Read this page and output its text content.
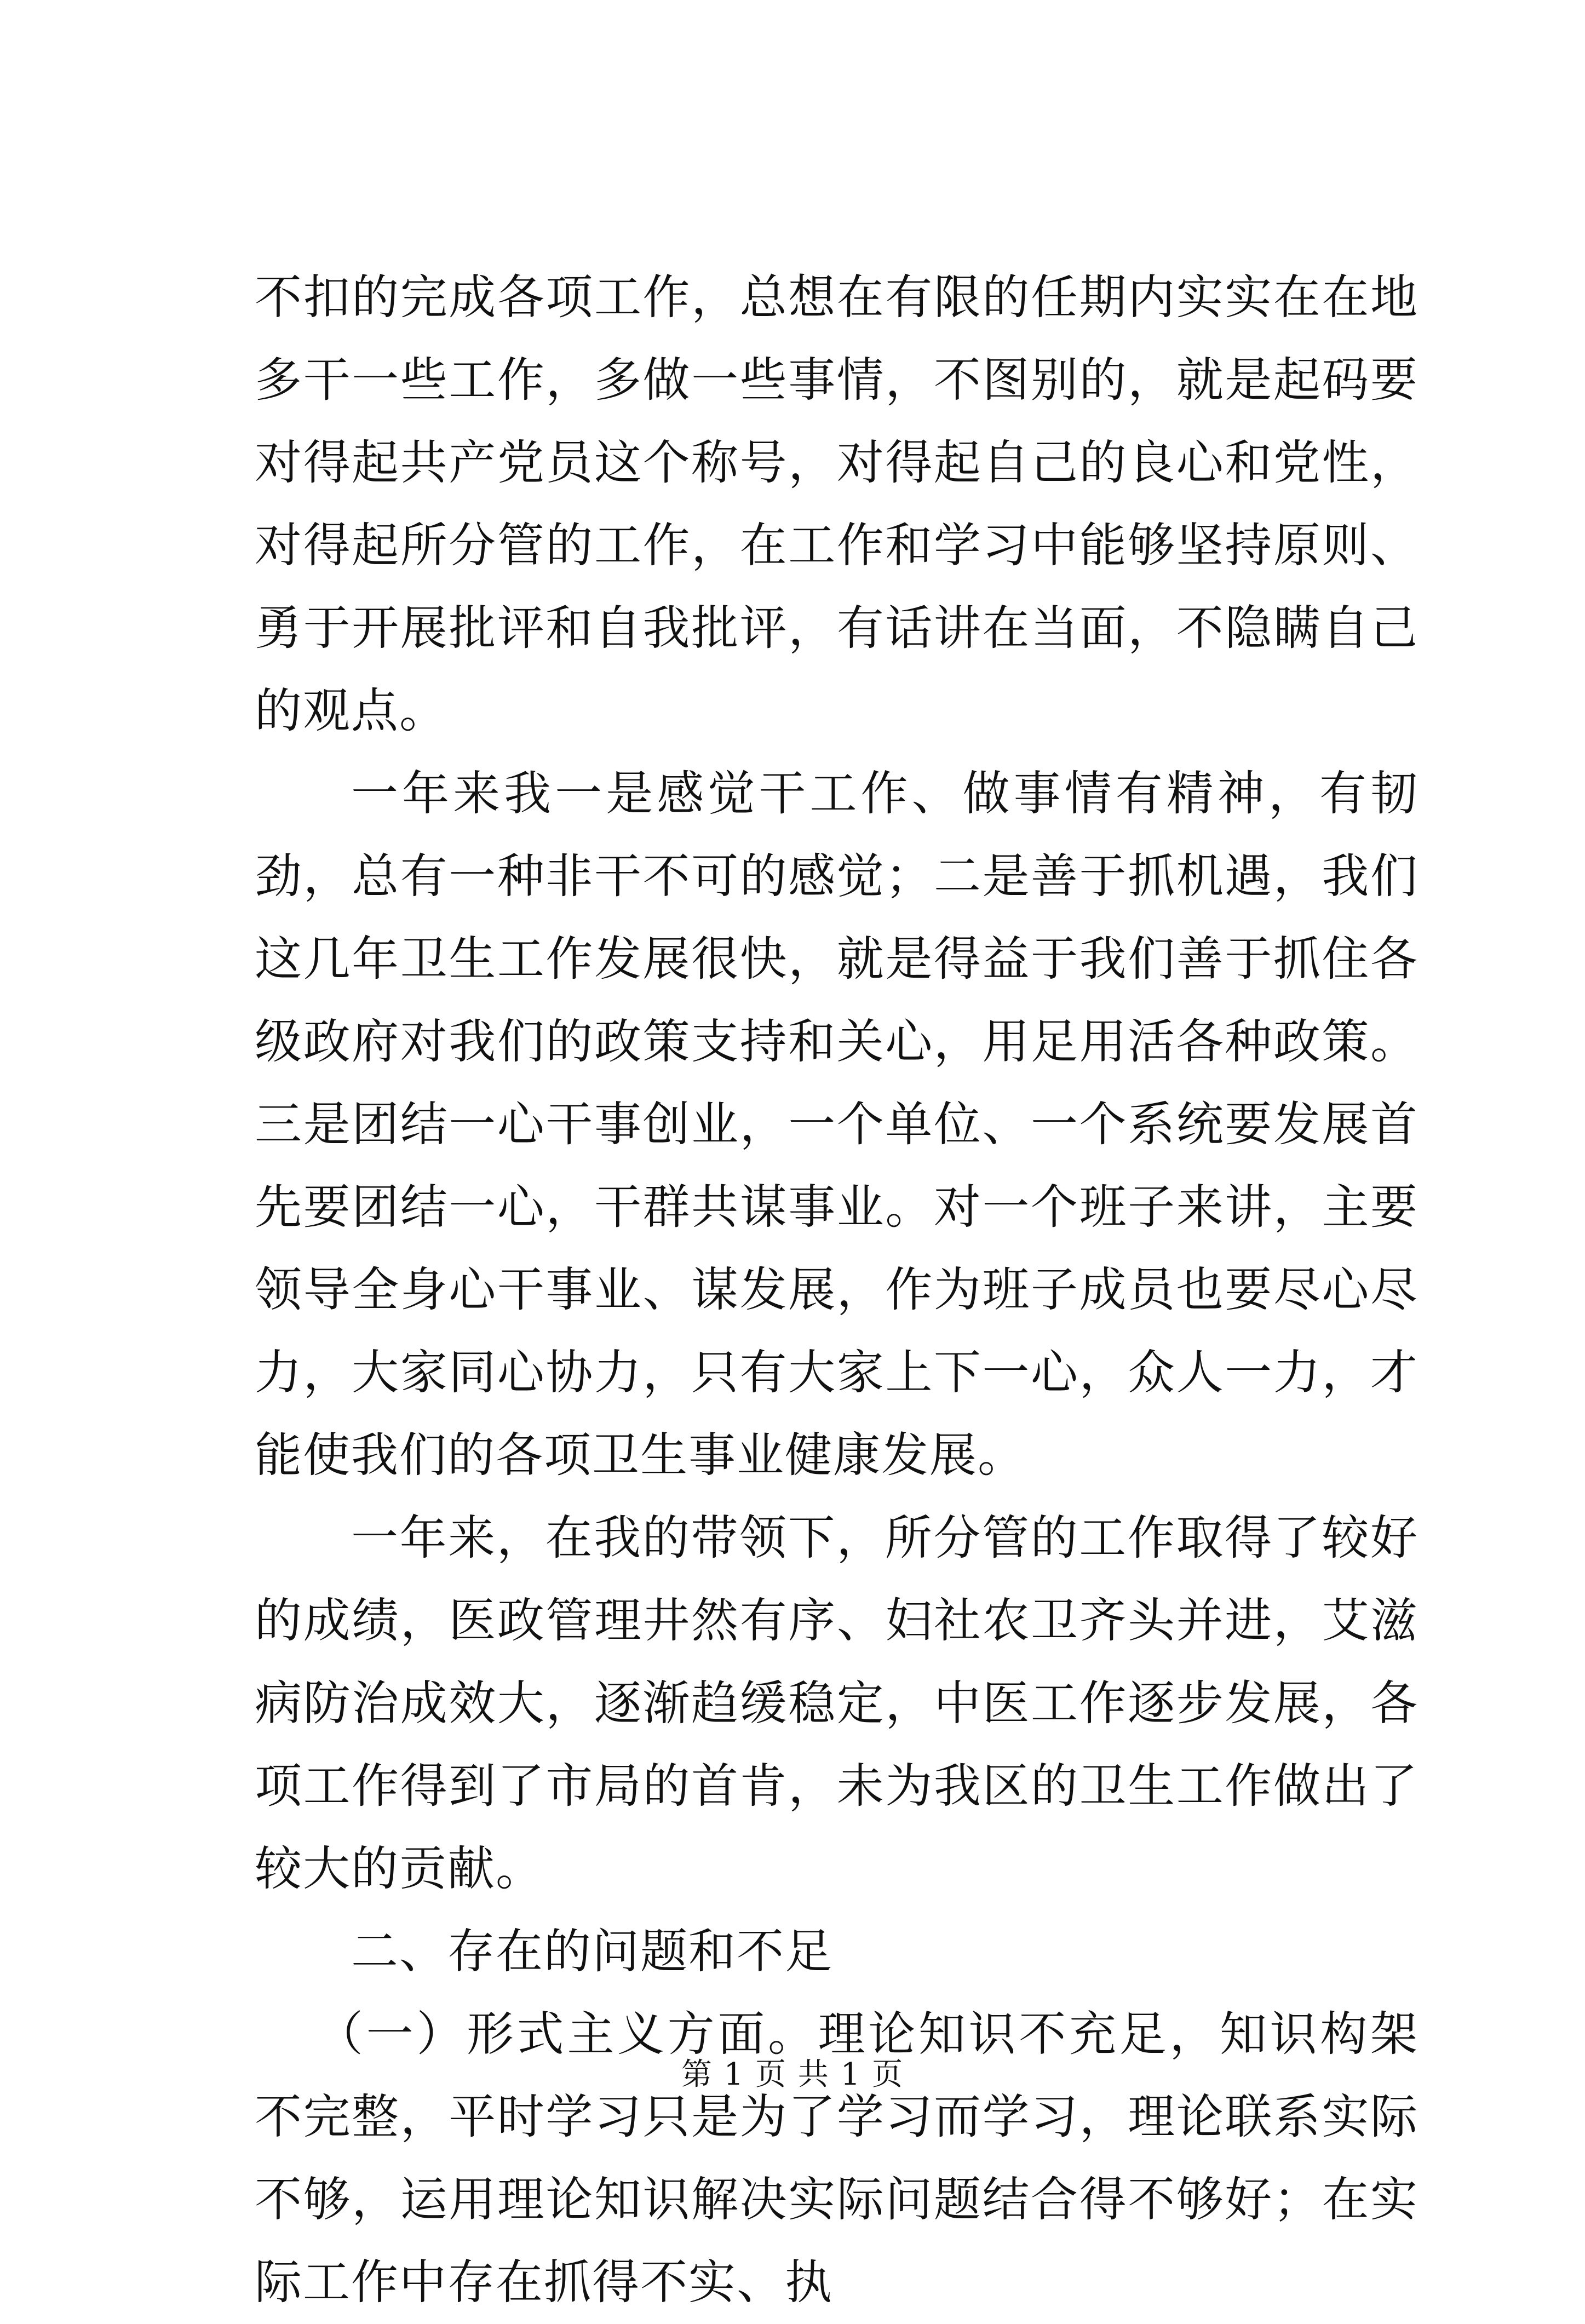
不扣的完成各项工作，总想在有限的任期内实实在在地多干一些工作，多做一些事情，不图别的，就是起码要对得起共产党员这个称号，对得起自己的良心和党性，对得起所分管的工作，在工作和学习中能够坚持原则、勇于开展批评和自我批评，有话讲在当面，不隐瞒自己的观点。

一年来我一是感觉干工作、做事情有精神，有韧劲，总有一种非干不可的感觉；二是善于抓机遇，我们这几年卫生工作发展很快，就是得益于我们善于抓住各级政府对我们的政策支持和关心，用足用活各种政策。三是团结一心干事创业，一个单位、一个系统要发展首先要团结一心，干群共谋事业。对一个班子来讲，主要领导全身心干事业、谋发展，作为班子成员也要尽心尽力，大家同心协力，只有大家上下一心，众人一力，才能使我们的各项卫生事业健康发展。

一年来，在我的带领下，所分管的工作取得了较好的成绩，医政管理井然有序、妇社农卫齐头并进，艾滋病防治成效大，逐渐趋缓稳定，中医工作逐步发展，各项工作得到了市局的首肯，未为我区的卫生工作做出了较大的贡献。

二、存在的问题和不足

（一）形式主义方面。理论知识不充足，知识构架不完整，平时学习只是为了学习而学习，理论联系实际不够，运用理论知识解决实际问题结合得不够好；在实际工作中存在抓得不实、执

第 1 页 共 1 页
